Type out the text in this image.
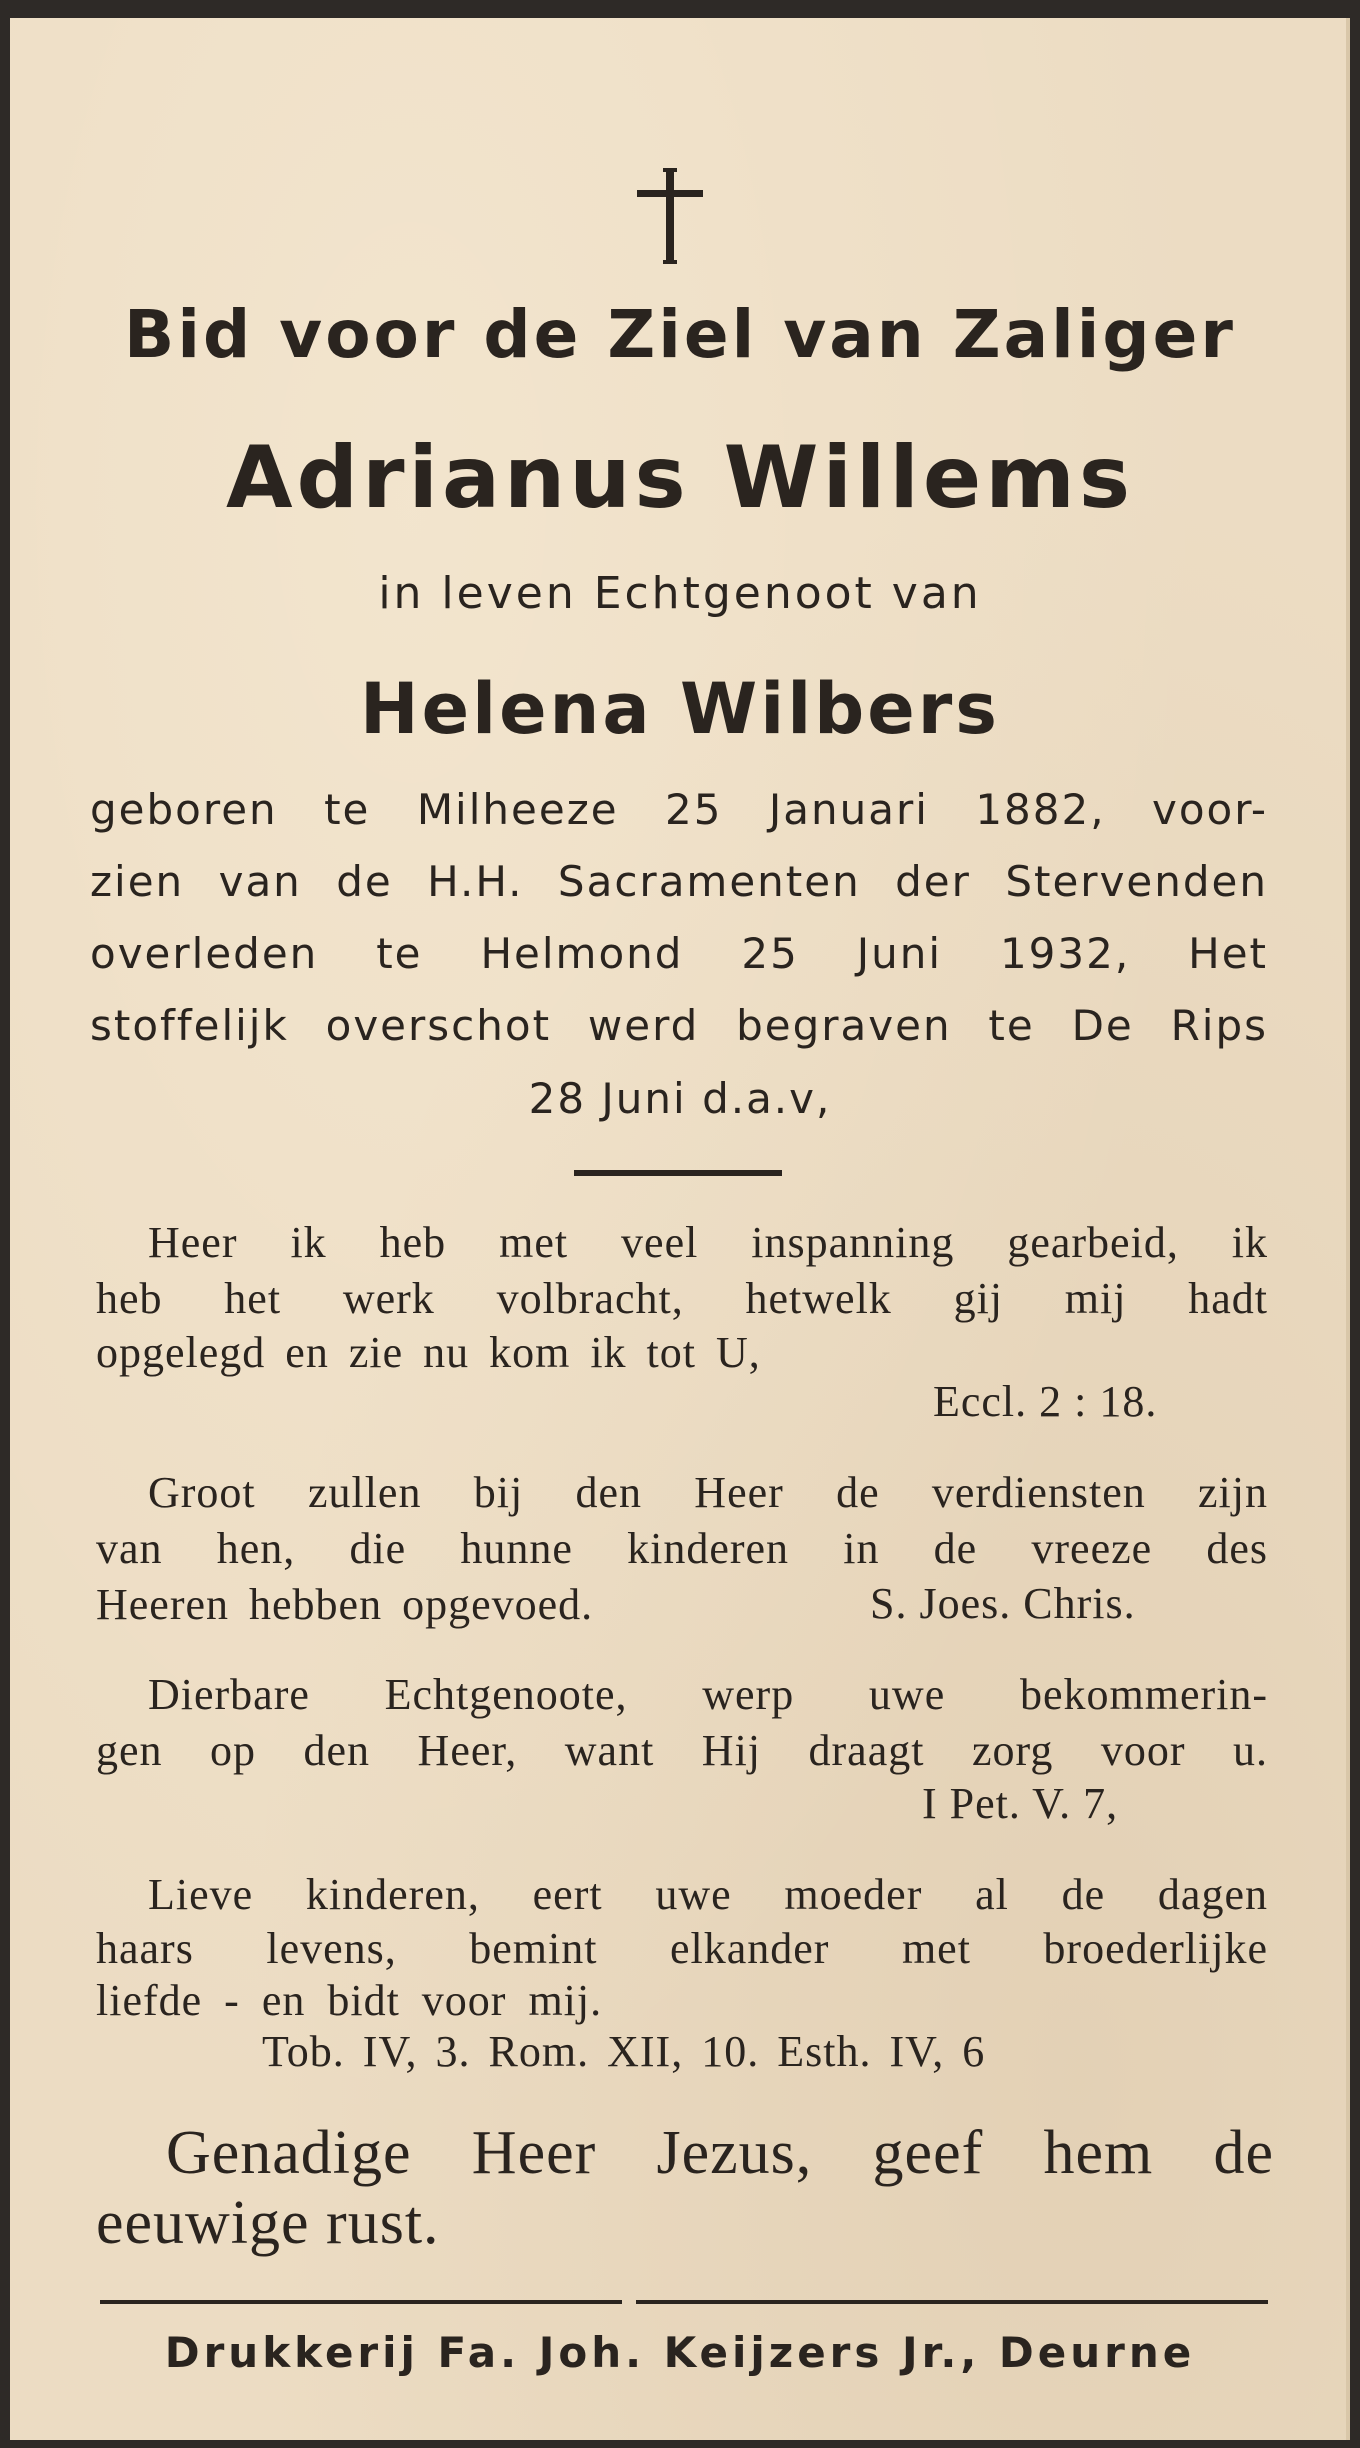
Bid voor de Ziel van Zaliger
Adrianus Willems
in leven Echtgenoot van
Helena Wilbers
geboren te Milheeze 25 Januari 1882, voor-
zien van de H.H. Sacramenten der Stervenden
overleden te Helmond 25 Juni 1932, Het
stoffelijk overschot werd begraven te De Rips
28 Juni d.a.v,
Heer ik heb met veel inspanning gearbeid, ik
heb het werk volbracht, hetwelk gij mij hadt
opgelegd en zie nu kom ik tot U,
Eccl. 2 : 18.
Groot zullen bij den Heer de verdiensten zijn
van hen, die hunne kinderen in de vreeze des
Heeren hebben opgevoed.	S. Joes. Chris.
Dierbare Echtgenoote, werp uwe bekommerin-
gen op den Heer, want Hij draagt zorg voor u.
I Pet. V. 7,
Lieve kinderen, eert uwe moeder al de dagen
haars levens, bemint elkander met broederlijke
liefde - en bidt voor mij.
Tob. IV, 3. Rom. XII, 10. Esth. IV, 6
Genadige Heer Jezus, geef hem de
eeuwige rust.
Drukkerij Fa. Joh. Keijzers Jr., Deurne
